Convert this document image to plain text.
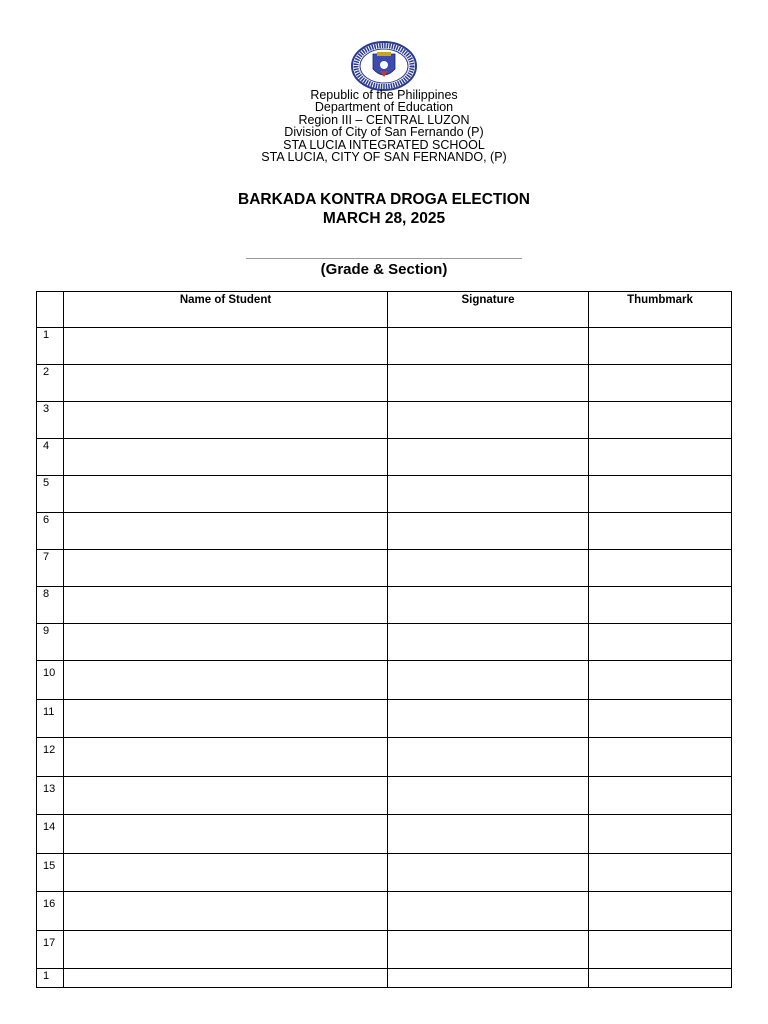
Republic of the Philippines
Department of Education
Region III – CENTRAL LUZON
Division of City of San Fernando (P)
STA LUCIA INTEGRATED SCHOOL
STA LUCIA, CITY OF SAN FERNANDO, (P)
BARKADA KONTRA DROGA ELECTION
MARCH 28, 2025
(Grade & Section)
	Name of Student	Signature	Thumbmark
1			
2			
3			
4			
5			
6			
7			
8			
9			
10			
11			
12			
13			
14			
15			
16			
17			
1			
